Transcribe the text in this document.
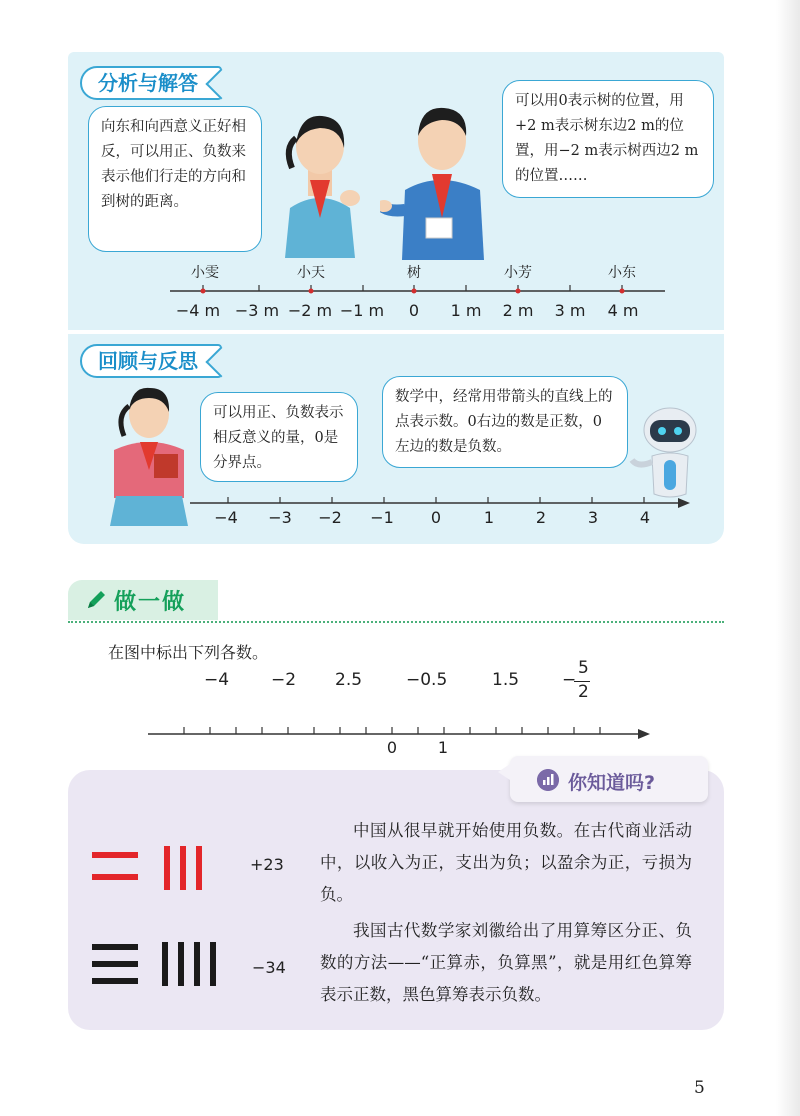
分析与解答
向东和向西意义正好相反，可以用正、负数来表示他们行走的方向和到树的距离。
可以用0表示树的位置，用+2 m表示树东边2 m的位置，用−2 m表示树西边2 m的位置……
小雯	小天	树	小芳	小东
−4 m −3 m −2 m −1 m 0 1 m 2 m 3 m 4 m
回顾与反思
可以用正、负数表示相反意义的量，0是分界点。
数学中，经常用带箭头的直线上的点表示数。0右边的数是正数，0左边的数是负数。
−4 −3 −2 −1 0	1	2	3	4
做一做
在图中标出下列各数。
−4 −2 2.5	−0.5	1.5	−
5
2
0	1
你知道吗?
+23
−34

中国从很早就开始使用负数。在古代商业活动中，以收入为正，支出为负；以盈余为正，亏损为负。

我国古代数学家刘徽给出了用算筹区分正、负数的方法——“正算赤，负算黑”，就是用红色算筹表示正数，黑色算筹表示负数。

5
